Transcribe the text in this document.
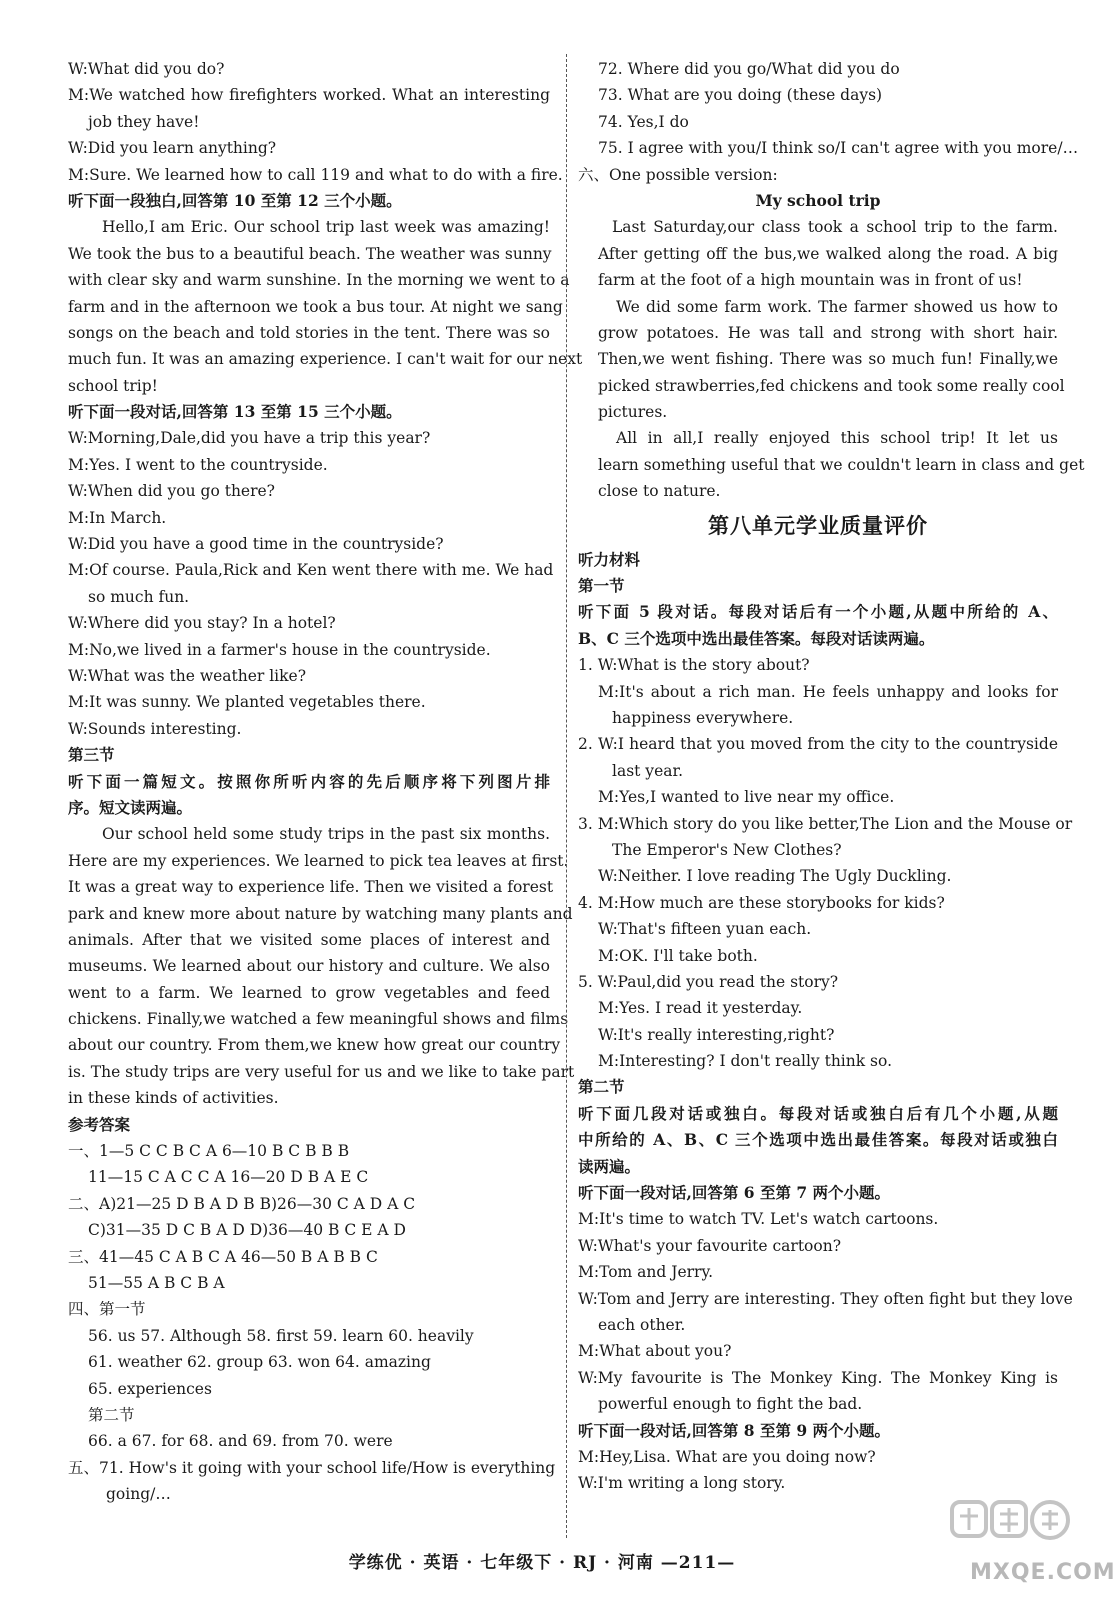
W:What did you do?
M:We watched how firefighters worked. What an interesting
job they have!
W:Did you learn anything?
M:Sure. We learned how to call 119 and what to do with a fire.
听下面一段独白,回答第 10 至第 12 三个小题。
Hello,I am Eric. Our school trip last week was amazing!
We took the bus to a beautiful beach. The weather was sunny
with clear sky and warm sunshine. In the morning we went to a
farm and in the afternoon we took a bus tour. At night we sang
songs on the beach and told stories in the tent. There was so
much fun. It was an amazing experience. I can't wait for our next
school trip!
听下面一段对话,回答第 13 至第 15 三个小题。
W:Morning,Dale,did you have a trip this year?
M:Yes. I went to the countryside.
W:When did you go there?
M:In March.
W:Did you have a good time in the countryside?
M:Of course. Paula,Rick and Ken went there with me. We had
so much fun.
W:Where did you stay? In a hotel?
M:No,we lived in a farmer's house in the countryside.
W:What was the weather like?
M:It was sunny. We planted vegetables there.
W:Sounds interesting.
第三节
听下面一篇短文。按照你所听内容的先后顺序将下列图片排
序。短文读两遍。
Our school held some study trips in the past six months.
Here are my experiences. We learned to pick tea leaves at first.
It was a great way to experience life. Then we visited a forest
park and knew more about nature by watching many plants and
animals. After that we visited some places of interest and
museums. We learned about our history and culture. We also
went to a farm. We learned to grow vegetables and feed
chickens. Finally,we watched a few meaningful shows and films
about our country. From them,we knew how great our country
is. The study trips are very useful for us and we like to take part
in these kinds of activities.
参考答案
一、1—5 C C B C A 6—10 B C B B B
11—15 C A C C A 16—20 D B A E C
二、A)21—25 D B A D B B)26—30 C A D A C
C)31—35 D C B A D D)36—40 B C E A D
三、41—45 C A B C A 46—50 B A B B C
51—55 A B C B A
四、第一节
56. us 57. Although 58. first 59. learn 60. heavily
61. weather 62. group 63. won 64. amazing
65. experiences
第二节
66. a 67. for 68. and 69. from 70. were
五、71. How's it going with your school life/How is everything
going/…
72. Where did you go/What did you do
73. What are you doing (these days)
74. Yes,I do
75. I agree with you/I think so/I can't agree with you more/…
六、One possible version:
My school trip
Last Saturday,our class took a school trip to the farm.
After getting off the bus,we walked along the road. A big
farm at the foot of a high mountain was in front of us!
We did some farm work. The farmer showed us how to
grow potatoes. He was tall and strong with short hair.
Then,we went fishing. There was so much fun! Finally,we
picked strawberries,fed chickens and took some really cool
pictures.
All in all,I really enjoyed this school trip! It let us
learn something useful that we couldn't learn in class and get
close to nature.
第八单元学业质量评价
听力材料
第一节
听下面 5 段对话。每段对话后有一个小题,从题中所给的 A、
B、C 三个选项中选出最佳答案。每段对话读两遍。
1. W:What is the story about?
M:It's about a rich man. He feels unhappy and looks for
happiness everywhere.
2. W:I heard that you moved from the city to the countryside
last year.
M:Yes,I wanted to live near my office.
3. M:Which story do you like better,The Lion and the Mouse or
The Emperor's New Clothes?
W:Neither. I love reading The Ugly Duckling.
4. M:How much are these storybooks for kids?
W:That's fifteen yuan each.
M:OK. I'll take both.
5. W:Paul,did you read the story?
M:Yes. I read it yesterday.
W:It's really interesting,right?
M:Interesting? I don't really think so.
第二节
听下面几段对话或独白。每段对话或独白后有几个小题,从题
中所给的 A、B、C 三个选项中选出最佳答案。每段对话或独白
读两遍。
听下面一段对话,回答第 6 至第 7 两个小题。
M:It's time to watch TV. Let's watch cartoons.
W:What's your favourite cartoon?
M:Tom and Jerry.
W:Tom and Jerry are interesting. They often fight but they love
each other.
M:What about you?
W:My favourite is The Monkey King. The Monkey King is
powerful enough to fight the bad.
听下面一段对话,回答第 8 至第 9 两个小题。
M:Hey,Lisa. What are you doing now?
W:I'm writing a long story.
学练优 · 英语 · 七年级下 · RJ · 河南 —211—	MXQE.COM
